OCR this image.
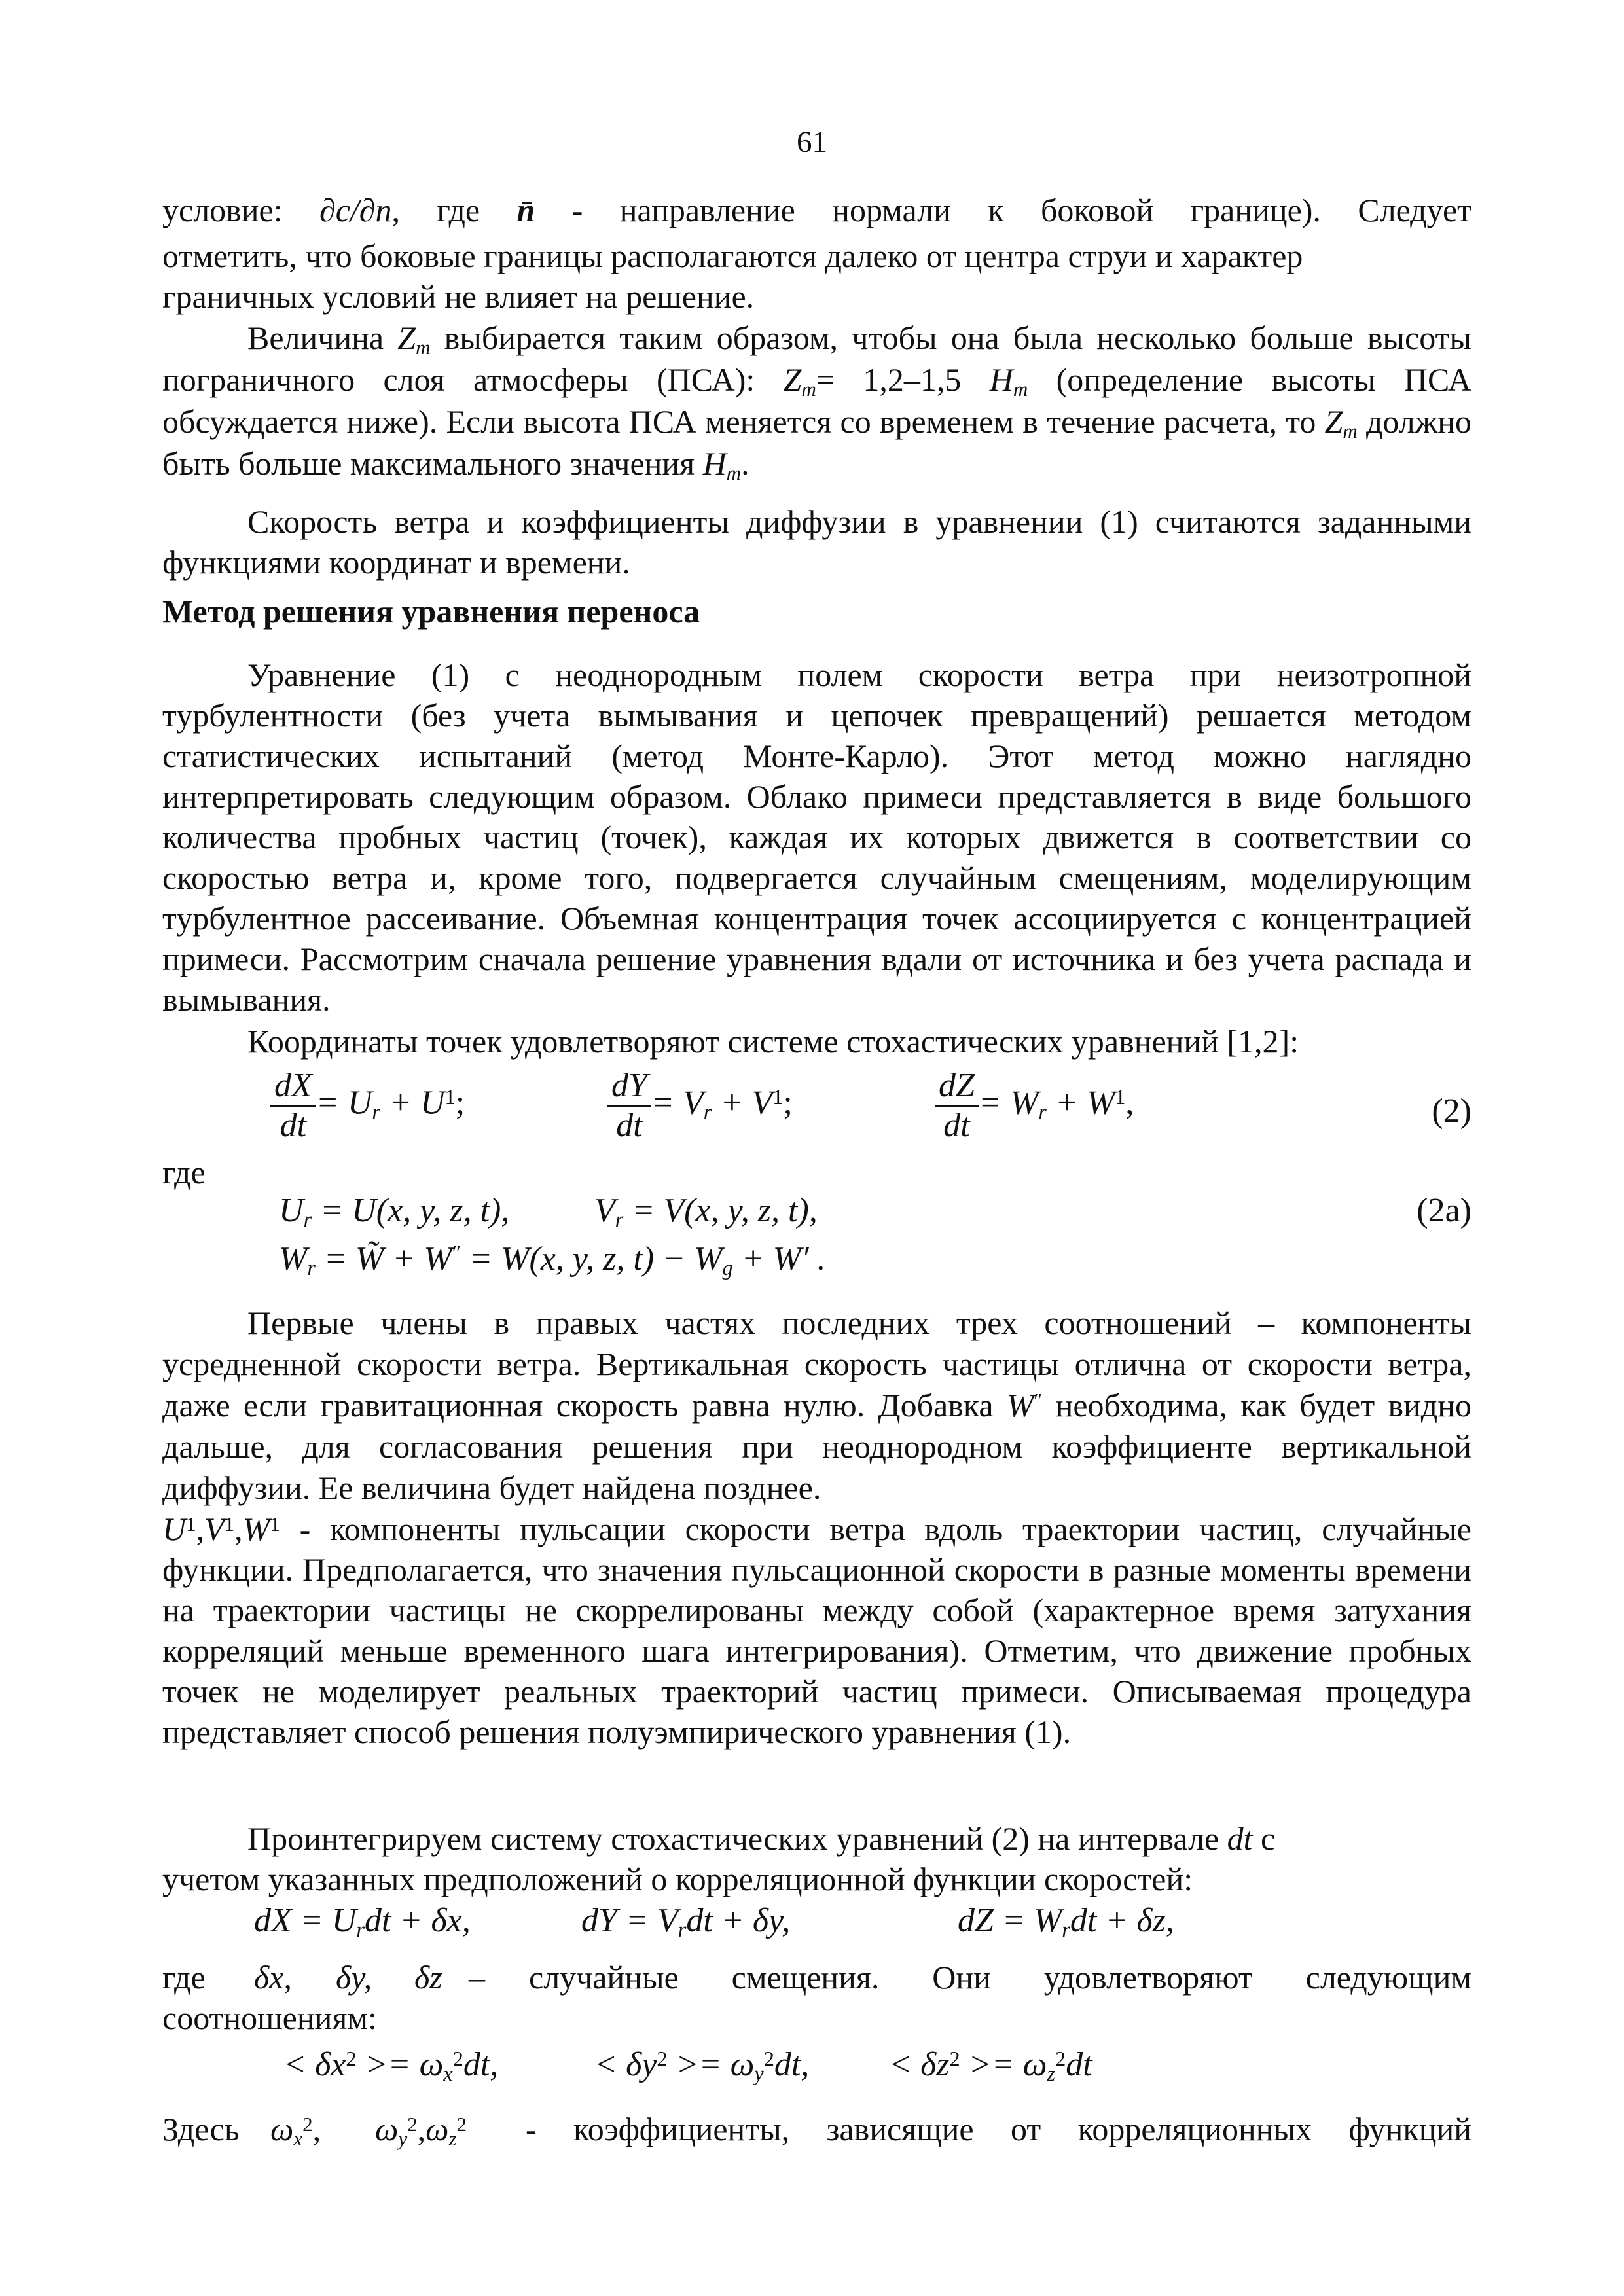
61
условие: ∂c/∂n, где n̄ - направление нормали к боковой границе). Следует
отметить, что боковые границы располагаются далеко от центра струи и характер
граничных условий не влияет на решение.

Величина $Z_m$ выбирается таким образом, чтобы она была несколько больше высоты пограничного слоя атмосферы (ПСА): $Z_m= 1,2-1,5$ $H_m$ (определение высоты ПСА обсуждается ниже). Если высота ПСА меняется со временем в течение расчета, то $Z_m$ должно быть больше максимального значения $H_m$.

Скорость ветра и коэффициенты диффузии в уравнении (1) считаются заданными функциями координат и времени.

Метод решения уравнения переноса

Уравнение (1) с неоднородным полем скорости ветра при неизотропной турбулентности (без учета вымывания и цепочек превращений) решается методом статистических испытаний (метод Монте-Карло). Этот метод можно наглядно интерпретировать следующим образом. Облако примеси представляется в виде большого количества пробных частиц (точек), каждая их которых движется в соответствии со скоростью ветра и, кроме того, подвергается случайным смещениям, моделирующим турбулентное рассеивание. Объемная концентрация точек ассоциируется с концентрацией примеси. Рассмотрим сначала решение уравнения вдали от источника и без учета распада и вымывания.

Координаты точек удовлетворяют системе стохастических уравнений [1,2]:
$\frac{dX}{dt} = U_r + U^1$;	$\frac{dY}{dt} = V_r + V^1$;	$\frac{dZ}{dt} = W_r + W^1$,	(2)
где
$U_r = U(x$, y, z, t), $V_r = V(x$, y, z, t),	(2a)
$W_r$ = W̃ + W″ = W(x, y, z, $t) - W_g + W'$ .

Первые члены в правых частях последних трех соотношений – компоненты усредненной скорости ветра. Вертикальная скорость частицы отлична от скорости ветра, даже если гравитационная скорость равна нулю. Добавка W″ необходима, как будет видно дальше, для согласования решения при неоднородном коэффициенте вертикальной диффузии. Ее величина будет найдена позднее.

$U^1,V^1,W^1$ - компоненты пульсации скорости ветра вдоль траектории частиц, случайные функции. Предполагается, что значения пульсационной скорости в разные моменты времени на траектории частицы не скоррелированы между собой (характерное время затухания корреляций меньше временного шага интегрирования). Отметим, что движение пробных точек не моделирует реальных траекторий частиц примеси. Описываемая процедура представляет способ решения полуэмпирического уравнения (1).

Проинтегрируем систему стохастических уравнений (2) на интервале dt с
учетом указанных предположений о корреляционной функции скоростей:
dX = $U_rdt + \delta x$,	dY = $V_rdt + \delta y$,	dZ = $W_rdt + \delta z$,
где δx, δy, δz – случайные смещения. Они удовлетворяют следующим
соотношениям:
< $\delta x^2 >= \omega_x^2dt$,	< $\delta y^2 >= \omega_y^2dt$, < $\delta z^2 >= \omega_z^2dt$
Здесь $\omega_x^2$, $\omega_y^2,\omega_z^2$ - коэффициенты, зависящие от корреляционных функций
